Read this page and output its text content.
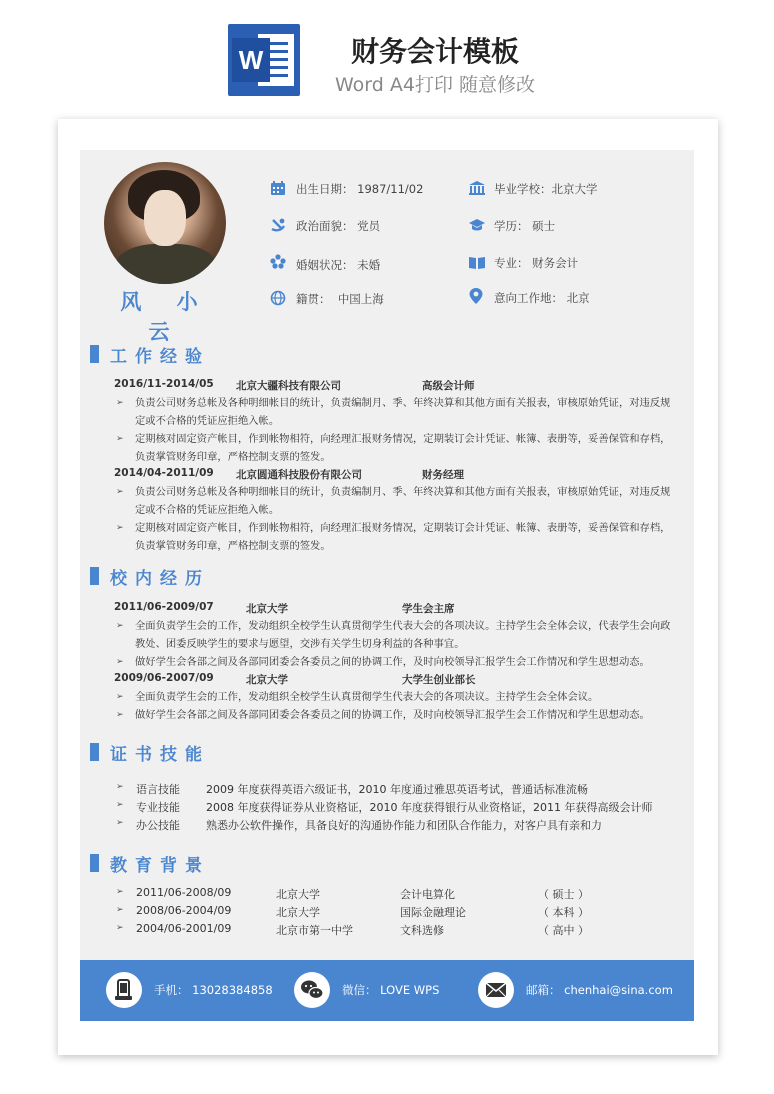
W	财务会计模板
Word A4打印 随意修改
风 小 云
出生日期： 1987/11/02	毕业学校：北京大学
政治面貌： 党员	学历： 硕士
婚姻状况： 未婚	专业： 财务会计
籍贯： 中国上海	意向工作地： 北京
工作经验
2016/11-2014/05 北京大疆科技有限公司	高级会计师
➢	负责公司财务总帐及各种明细帐目的统计，负责编制月、季、年终决算和其他方面有关报表，审核原始凭证，对违反规定或不合格的凭证应拒绝入帐。
➢	定期核对固定资产帐目，作到帐物相符，向经理汇报财务情况，定期装订会计凭证、帐簿、表册等，妥善保管和存档，负责掌管财务印章，严格控制支票的签发。
2014/04-2011/09 北京圆通科技股份有限公司	财务经理
➢	负责公司财务总帐及各种明细帐目的统计，负责编制月、季、年终决算和其他方面有关报表，审核原始凭证，对违反规定或不合格的凭证应拒绝入帐。
➢	定期核对固定资产帐目，作到帐物相符，向经理汇报财务情况，定期装订会计凭证、帐簿、表册等，妥善保管和存档，负责掌管财务印章，严格控制支票的签发。
校内经历
2011/06-2009/07	北京大学	学生会主席
➢	全面负责学生会的工作，发动组织全校学生认真贯彻学生代表大会的各项决议。主持学生会全体会议，代表学生会向政教处、团委反映学生的要求与愿望，交涉有关学生切身利益的各种事宜。
➢	做好学生会各部之间及各部同团委会各委员之间的协调工作，及时向校领导汇报学生会工作情况和学生思想动态。
2009/06-2007/09	北京大学	大学生创业部长
➢	全面负责学生会的工作，发动组织全校学生认真贯彻学生代表大会的各项决议。主持学生会全体会议。
➢	做好学生会各部之间及各部同团委会各委员之间的协调工作，及时向校领导汇报学生会工作情况和学生思想动态。
证书技能
➢ 语言技能 2009 年度获得英语六级证书，2010 年度通过雅思英语考试，普通话标准流畅
➢ 专业技能 2008 年度获得证券从业资格证，2010 年度获得银行从业资格证，2011 年获得高级会计师
➢ 办公技能 熟悉办公软件操作，具备良好的沟通协作能力和团队合作能力，对客户具有亲和力
教育背景
➢ 2011/06-2008/09	北京大学	会计电算化	（ 硕士 ）
➢ 2008/06-2004/09	北京大学	国际金融理论	（ 本科 ）
➢ 2004/06-2001/09	北京市第一中学	文科选修	（ 高中 ）
手机： 13028384858	微信： LOVE WPS	邮箱： chenhai@sina.com
